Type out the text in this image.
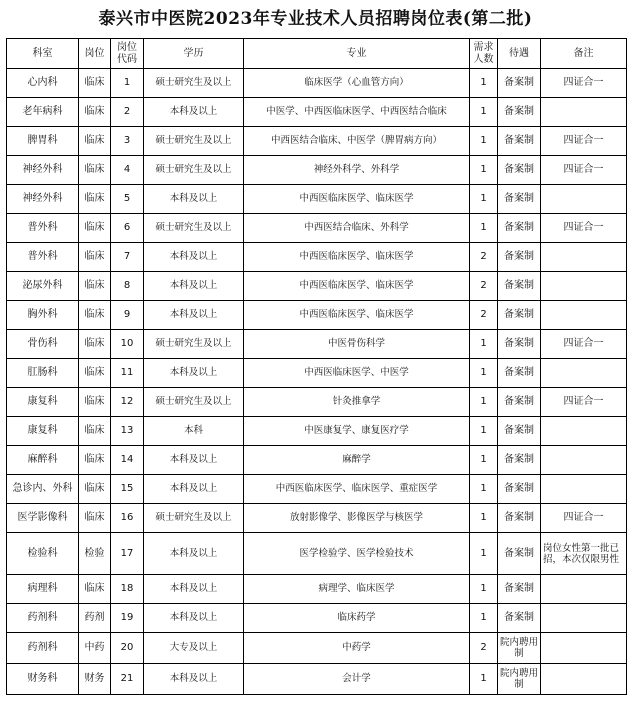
泰兴市中医院2023年专业技术人员招聘岗位表(第二批)
科室	岗位	岗位代码	学历	专业	需求人数	待遇	备注
心内科	临床	1	硕士研究生及以上	临床医学（心血管方向）	1	备案制	四证合一
老年病科	临床	2	本科及以上	中医学、中西医临床医学、中西医结合临床	1	备案制	
脾胃科	临床	3	硕士研究生及以上	中西医结合临床、中医学（脾胃病方向）	1	备案制	四证合一
神经外科	临床	4	硕士研究生及以上	神经外科学、外科学	1	备案制	四证合一
神经外科	临床	5	本科及以上	中西医临床医学、临床医学	1	备案制	
普外科	临床	6	硕士研究生及以上	中西医结合临床、外科学	1	备案制	四证合一
普外科	临床	7	本科及以上	中西医临床医学、临床医学	2	备案制	
泌尿外科	临床	8	本科及以上	中西医临床医学、临床医学	2	备案制	
胸外科	临床	9	本科及以上	中西医临床医学、临床医学	2	备案制	
骨伤科	临床	10	硕士研究生及以上	中医骨伤科学	1	备案制	四证合一
肛肠科	临床	11	本科及以上	中西医临床医学、中医学	1	备案制	
康复科	临床	12	硕士研究生及以上	针灸推拿学	1	备案制	四证合一
康复科	临床	13	本科	中医康复学、康复医疗学	1	备案制	
麻醉科	临床	14	本科及以上	麻醉学	1	备案制	
急诊内、外科	临床	15	本科及以上	中西医临床医学、临床医学、重症医学	1	备案制	
医学影像科	临床	16	硕士研究生及以上	放射影像学、影像医学与核医学	1	备案制	四证合一
检验科	检验	17	本科及以上	医学检验学、医学检验技术	1	备案制	岗位女性第一批已招，本次仅限男性
病理科	临床	18	本科及以上	病理学、临床医学	1	备案制	
药剂科	药剂	19	本科及以上	临床药学	1	备案制	
药剂科	中药	20	大专及以上	中药学	2	院内聘用制	
财务科	财务	21	本科及以上	会计学	1	院内聘用制	
